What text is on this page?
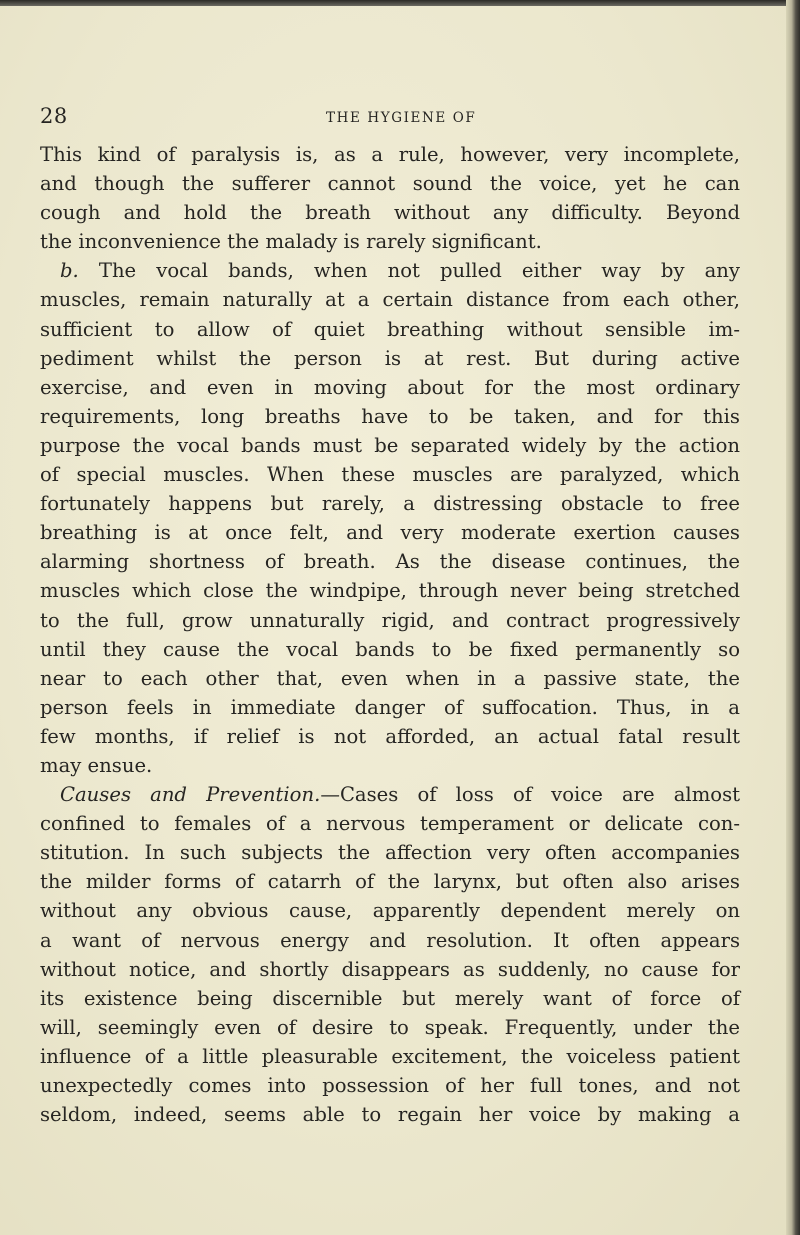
28	THE HYGIENE OF
This kind of paralysis is, as a rule, however, very incomplete,
and though the sufferer cannot sound the voice, yet he can
cough and hold the breath without any difficulty. Beyond
the inconvenience the malady is rarely significant.
b. The vocal bands, when not pulled either way by any
muscles, remain naturally at a certain distance from each other,
sufficient to allow of quiet breathing without sensible im-
pediment whilst the person is at rest. But during active
exercise, and even in moving about for the most ordinary
requirements, long breaths have to be taken, and for this
purpose the vocal bands must be separated widely by the action
of special muscles. When these muscles are paralyzed, which
fortunately happens but rarely, a distressing obstacle to free
breathing is at once felt, and very moderate exertion causes
alarming shortness of breath. As the disease continues, the
muscles which close the windpipe, through never being stretched
to the full, grow unnaturally rigid, and contract progressively
until they cause the vocal bands to be fixed permanently so
near to each other that, even when in a passive state, the
person feels in immediate danger of suffocation. Thus, in a
few months, if relief is not afforded, an actual fatal result
may ensue.
Causes and Prevention.—Cases of loss of voice are almost
confined to females of a nervous temperament or delicate con-
stitution. In such subjects the affection very often accompanies
the milder forms of catarrh of the larynx, but often also arises
without any obvious cause, apparently dependent merely on
a want of nervous energy and resolution. It often appears
without notice, and shortly disappears as suddenly, no cause for
its existence being discernible but merely want of force of
will, seemingly even of desire to speak. Frequently, under the
influence of a little pleasurable excitement, the voiceless patient
unexpectedly comes into possession of her full tones, and not
seldom, indeed, seems able to regain her voice by making a
